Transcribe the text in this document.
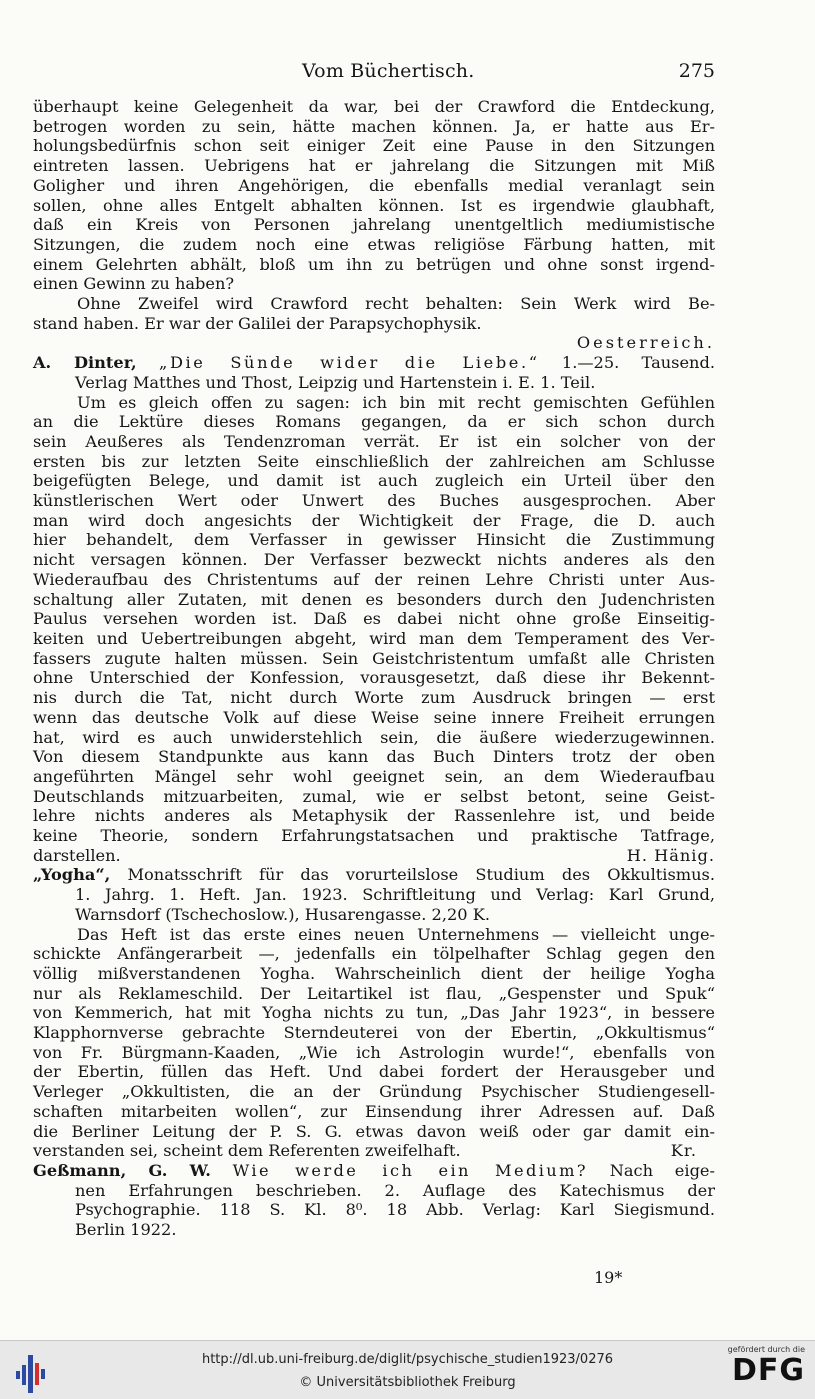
Vom Büchertisch.	275
überhaupt keine Gelegenheit da war, bei der Crawford die Entdeckung,
betrogen worden zu sein, hätte machen können. Ja, er hatte aus Er-
holungsbedürfnis schon seit einiger Zeit eine Pause in den Sitzungen
eintreten lassen. Uebrigens hat er jahrelang die Sitzungen mit Miß
Goligher und ihren Angehörigen, die ebenfalls medial veranlagt sein
sollen, ohne alles Entgelt abhalten können. Ist es irgendwie glaubhaft,
daß ein Kreis von Personen jahrelang unentgeltlich mediumistische
Sitzungen, die zudem noch eine etwas religiöse Färbung hatten, mit
einem Gelehrten abhält, bloß um ihn zu betrügen und ohne sonst irgend-
einen Gewinn zu haben?
Ohne Zweifel wird Crawford recht behalten: Sein Werk wird Be-
stand haben. Er war der Galilei der Parapsychophysik.
Oesterreich.
A. Dinter, „Die Sünde wider die Liebe.“ 1.—25. Tausend.
Verlag Matthes und Thost, Leipzig und Hartenstein i. E. 1. Teil.
Um es gleich offen zu sagen: ich bin mit recht gemischten Gefühlen
an die Lektüre dieses Romans gegangen, da er sich schon durch
sein Aeußeres als Tendenzroman verrät. Er ist ein solcher von der
ersten bis zur letzten Seite einschließlich der zahlreichen am Schlusse
beigefügten Belege, und damit ist auch zugleich ein Urteil über den
künstlerischen Wert oder Unwert des Buches ausgesprochen. Aber
man wird doch angesichts der Wichtigkeit der Frage, die D. auch
hier behandelt, dem Verfasser in gewisser Hinsicht die Zustimmung
nicht versagen können. Der Verfasser bezweckt nichts anderes als den
Wiederaufbau des Christentums auf der reinen Lehre Christi unter Aus-
schaltung aller Zutaten, mit denen es besonders durch den Judenchristen
Paulus versehen worden ist. Daß es dabei nicht ohne große Einseitig-
keiten und Uebertreibungen abgeht, wird man dem Temperament des Ver-
fassers zugute halten müssen. Sein Geistchristentum umfaßt alle Christen
ohne Unterschied der Konfession, vorausgesetzt, daß diese ihr Bekennt-
nis durch die Tat, nicht durch Worte zum Ausdruck bringen — erst
wenn das deutsche Volk auf diese Weise seine innere Freiheit errungen
hat, wird es auch unwiderstehlich sein, die äußere wiederzugewinnen.
Von diesem Standpunkte aus kann das Buch Dinters trotz der oben
angeführten Mängel sehr wohl geeignet sein, an dem Wiederaufbau
Deutschlands mitzuarbeiten, zumal, wie er selbst betont, seine Geist-
lehre nichts anderes als Metaphysik der Rassenlehre ist, und beide
keine Theorie, sondern Erfahrungstatsachen und praktische Tatfrage,
darstellen.	H. Hänig.
„Yogha“, Monatsschrift für das vorurteilslose Studium des Okkultismus.
1. Jahrg. 1. Heft. Jan. 1923. Schriftleitung und Verlag: Karl Grund,
Warnsdorf (Tschechoslow.), Husarengasse. 2,20 K.
Das Heft ist das erste eines neuen Unternehmens — vielleicht unge-
schickte Anfängerarbeit —, jedenfalls ein tölpelhafter Schlag gegen den
völlig mißverstandenen Yogha. Wahrscheinlich dient der heilige Yogha
nur als Reklameschild. Der Leitartikel ist flau, „Gespenster und Spuk“
von Kemmerich, hat mit Yogha nichts zu tun, „Das Jahr 1923“, in bessere
Klapphornverse gebrachte Sterndeuterei von der Ebertin, „Okkultismus“
von Fr. Bürgmann-Kaaden, „Wie ich Astrologin wurde!“, ebenfalls von
der Ebertin, füllen das Heft. Und dabei fordert der Herausgeber und
Verleger „Okkultisten, die an der Gründung Psychischer Studiengesell-
schaften mitarbeiten wollen“, zur Einsendung ihrer Adressen auf. Daß
die Berliner Leitung der P. S. G. etwas davon weiß oder gar damit ein-
verstanden sei, scheint dem Referenten zweifelhaft.	Kr.
Geßmann, G. W. Wie werde ich ein Medium? Nach eige-
nen Erfahrungen beschrieben. 2. Auflage des Katechismus der
Psychographie. 118 S. Kl. 8⁰. 18 Abb. Verlag: Karl Siegismund.
Berlin 1922.
19*
http://dl.ub.uni-freiburg.de/diglit/psychische_studien1923/0276
© Universitätsbibliothek Freiburg
gefördert durch die
DFG
